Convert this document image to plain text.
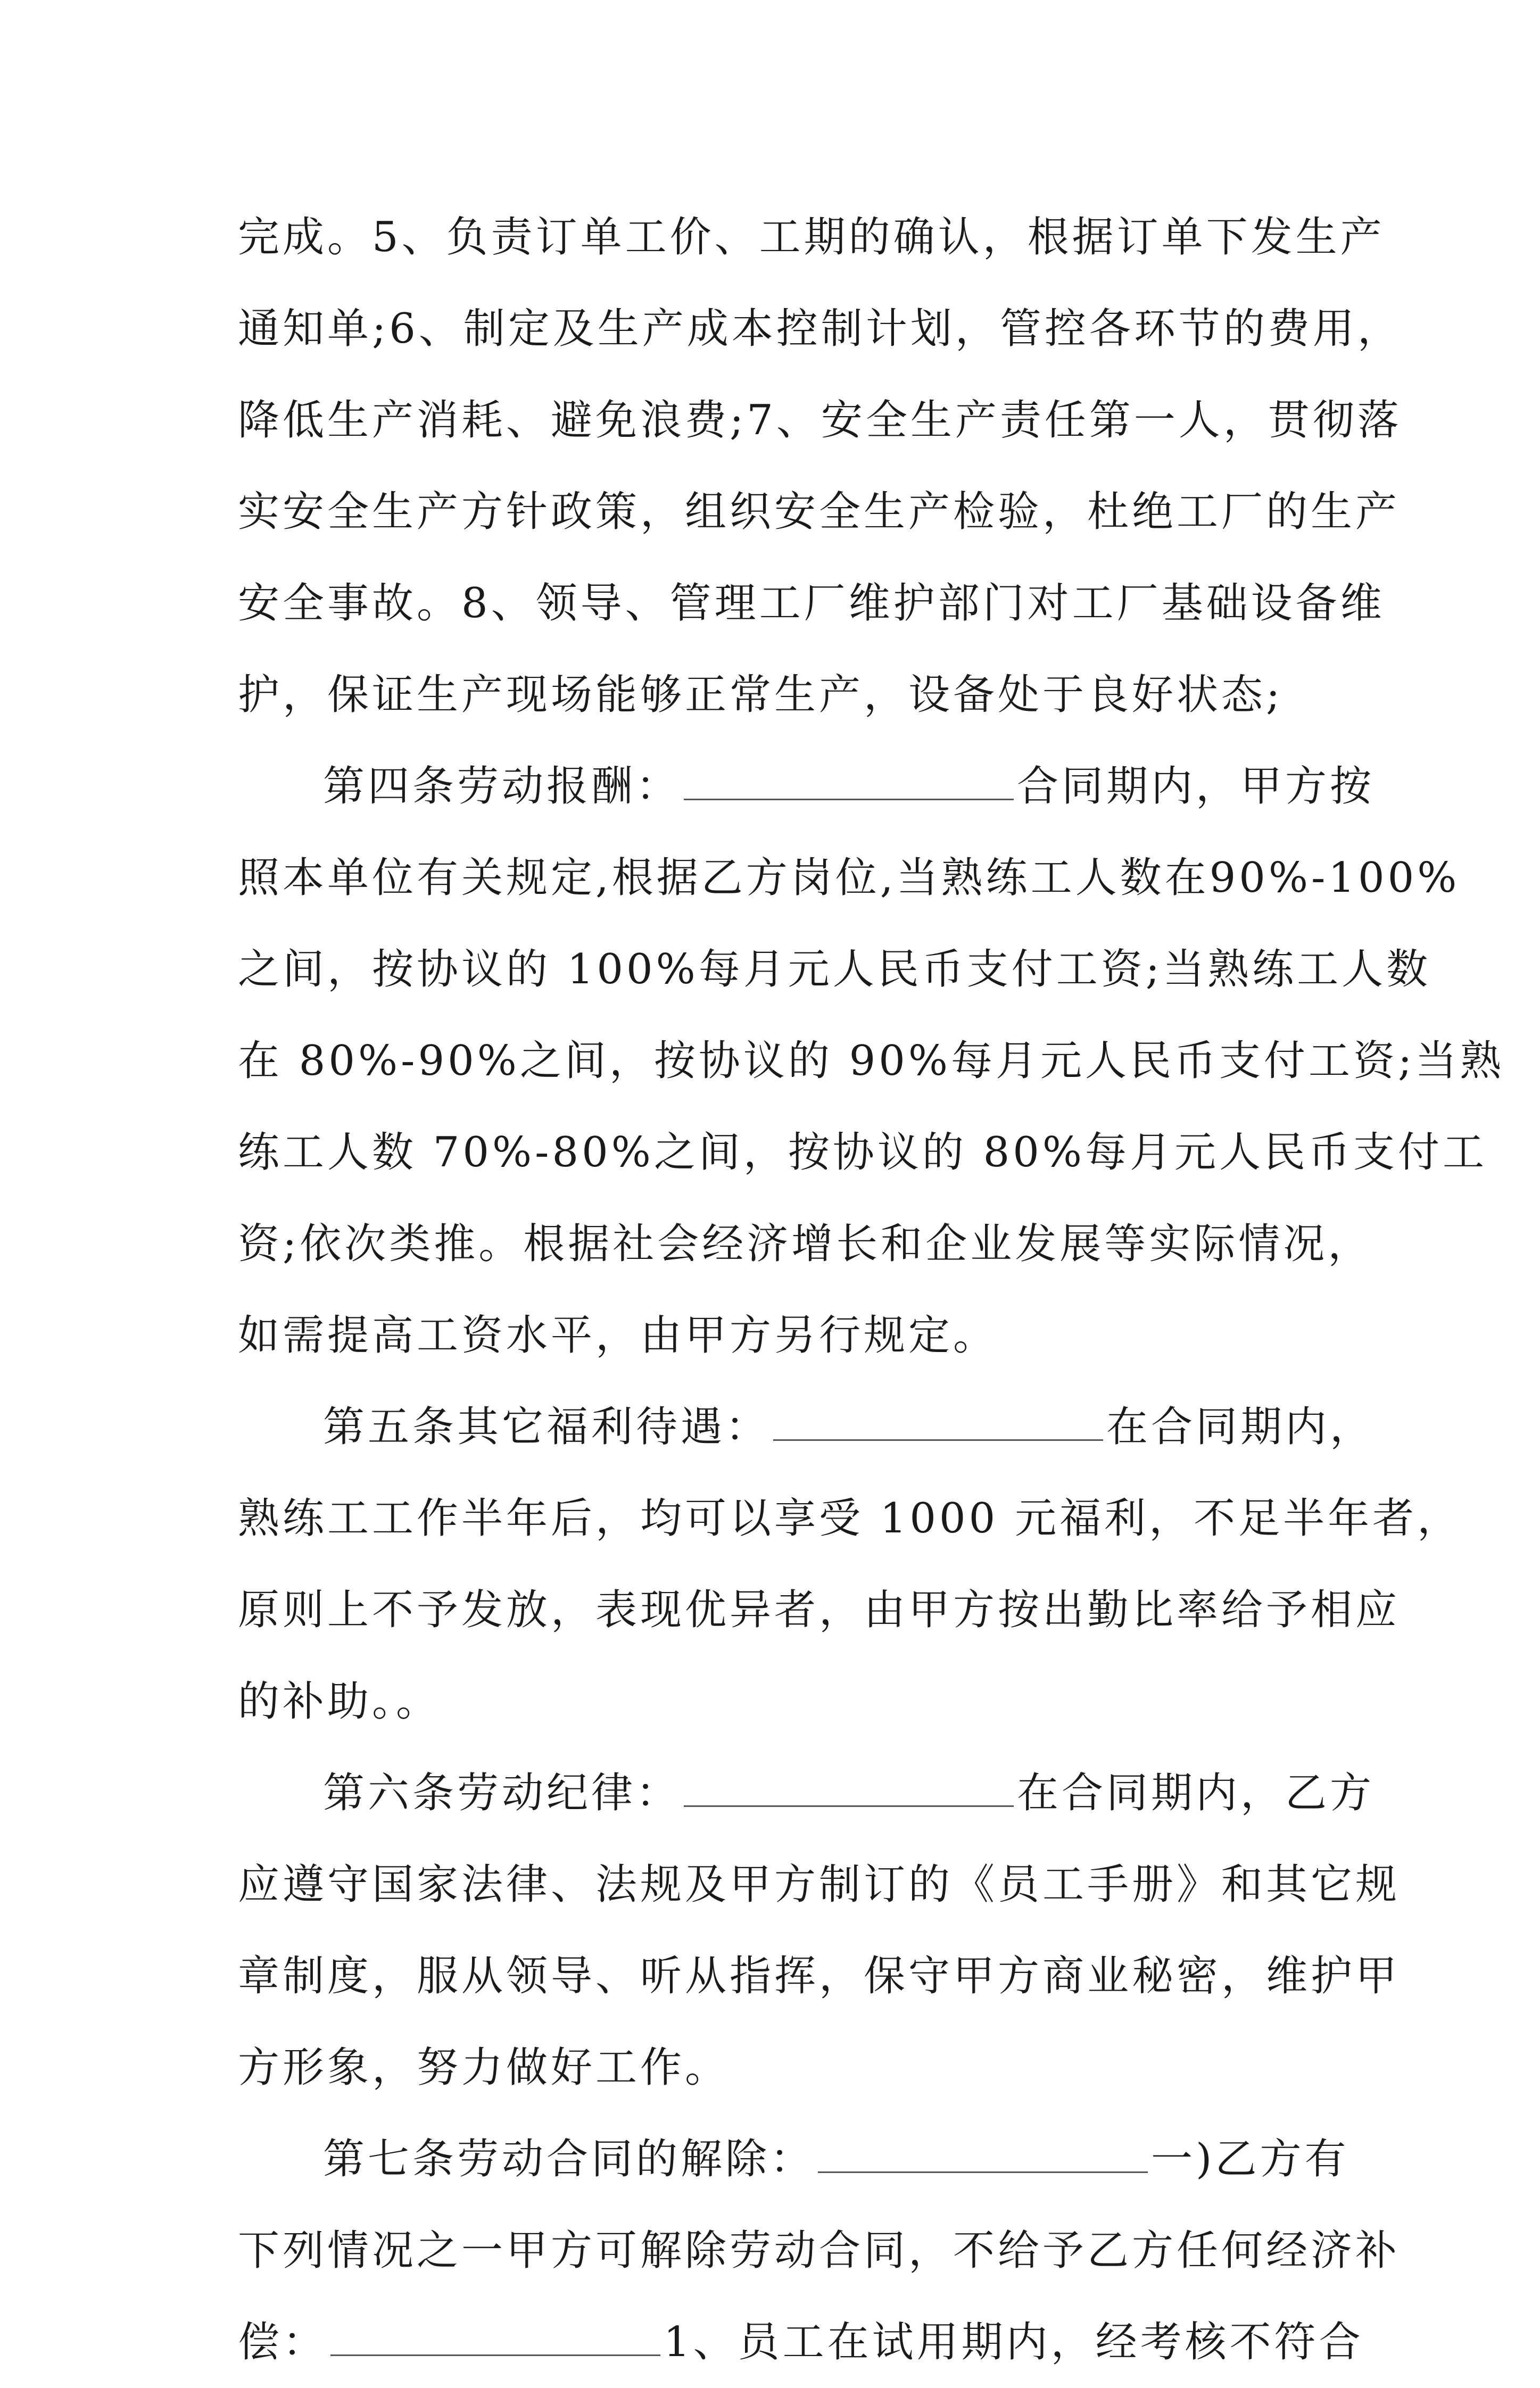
完成。5、负责订单工价、工期的确认，根据订单下发生产
通知单;6、制定及生产成本控制计划，管控各环节的费用，
降低生产消耗、避免浪费;7、安全生产责任第一人，贯彻落
实安全生产方针政策，组织安全生产检验，杜绝工厂的生产
安全事故。8、领导、管理工厂维护部门对工厂基础设备维
护，保证生产现场能够正常生产，设备处于良好状态;
第四条劳动报酬：	合同期内，甲方按
照本单位有关规定,根据乙方岗位,当熟练工人数在90%-100%
之间，按协议的 100%每月元人民币支付工资;当熟练工人数
在 80%-90%之间，按协议的 90%每月元人民币支付工资;当熟
练工人数 70%-80%之间，按协议的 80%每月元人民币支付工
资;依次类推。根据社会经济增长和企业发展等实际情况，
如需提高工资水平，由甲方另行规定。
第五条其它福利待遇：	在合同期内，
熟练工工作半年后，均可以享受 1000 元福利，不足半年者，
原则上不予发放，表现优异者，由甲方按出勤比率给予相应
的补助。。
第六条劳动纪律：	在合同期内，乙方
应遵守国家法律、法规及甲方制订的《员工手册》和其它规
章制度，服从领导、听从指挥，保守甲方商业秘密，维护甲
方形象，努力做好工作。
第七条劳动合同的解除：	一)乙方有
下列情况之一甲方可解除劳动合同，不给予乙方任何经济补
偿：	1、员工在试用期内，经考核不符合
